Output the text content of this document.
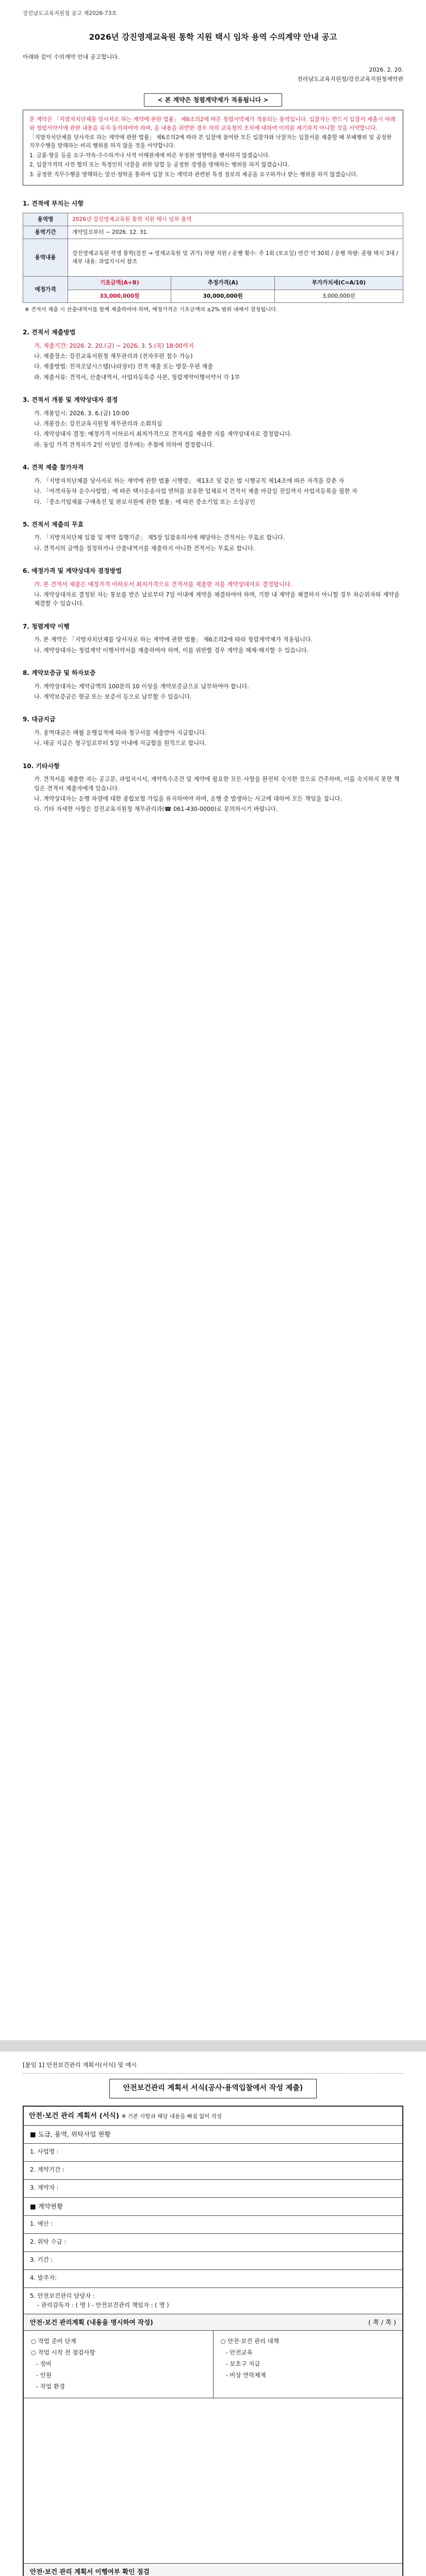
강진남도교육지원청 공고 제2026-73호
2026년 강진영재교육원 통학 지원 택시 임차 용역 수의계약 안내 공고
아래와 같이 수의계약 안내 공고합니다.
2026. 2. 20.
전라남도교육지원청/강진교육지원청계약관
< 본 계약은 청렴계약제가 적용됩니다 >

본 계약은 「지방자치단체를 당사자로 하는 계약에 관한 법률」 제6조의2에 따른 청렴서약제가 적용되는 용역입니다. 입찰자는 반드시 입찰서 제출시 아래와 청렴서약서에 관한 내용을 숙지·동의하여야 하며, 을 내용을 위반한 경우 자의 교육청의 조치에 대하여 이의를 제기하지 아니할 것을 서약합니다.

「지방자치단체를 당사자로 하는 계약에 관한 법률」 제6조의2에 따라 본 입찰에 참여한 모든 입찰자와 낙찰자는 입찰서를 제출할 때 부패행위 및 공정한 직무수행을 방해하는 비리 행위를 하지 않을 것을 서약합니다.

1. 금품·향응 등을 요구·약속·수수하거나 사적 이해관계에 따른 부정한 영향력을 행사하지 않겠습니다.

2. 입찰가격의 사전 협의 또는 특정인의 낙찰을 위한 담합 등 공정한 경쟁을 방해하는 행위를 하지 않겠습니다.

3. 공정한 직무수행을 방해하는 알선·청탁을 통하여 입찰 또는 계약과 관련된 특정 정보의 제공을 요구하거나 받는 행위를 하지 않겠습니다.

1. 견적에 부치는 사항
용역명	2026년 강진영재교육원 통학 지원 택시 임차 용역		
용역기간	계약일로부터 ~ 2026. 12. 31.		
용역내용	강진영재교육원 학생 통학(강진 → 영재교육원 및 귀가) 차량 지원 / 운행 횟수: 주 1회 (토요일) 연간 약 30회 / 운행 차량: 중형 택시 3대 / 세부 내용: 과업지시서 참조		
예정가격	기초금액(A+B)	추정가격(A)	부가가치세(C=A/10)
	33,000,000원	30,000,000원	3,000,000원
※ 견적서 제출 시 산출내역서를 함께 제출하여야 하며, 예정가격은 기초금액의 ±2% 범위 내에서 결정됩니다.
2. 견적서 제출방법
가. 제출기간: 2026. 2. 20.(금) ~ 2026. 3. 5.(목) 18:00까지
나. 제출장소: 강진교육지원청 재무관리과 (전자우편 접수 가능)
다. 제출방법: 전자조달시스템(나라장터) 견적 제출 또는 방문·우편 제출
라. 제출서류: 견적서, 산출내역서, 사업자등록증 사본, 청렴계약이행서약서 각 1부
3. 견적서 개봉 및 계약상대자 결정
가. 개봉일시: 2026. 3. 6.(금) 10:00
나. 개봉장소: 강진교육지원청 재무관리과 소회의실
다. 계약상대자 결정: 예정가격 이하로서 최저가격으로 견적서를 제출한 자를 계약상대자로 결정합니다.
라. 동일 가격 견적자가 2인 이상인 경우에는 추첨에 의하여 결정합니다.
4. 견적 제출 참가자격
가. 「지방자치단체를 당사자로 하는 계약에 관한 법률 시행령」 제13조 및 같은 법 시행규칙 제14조에 따른 자격을 갖춘 자
나. 「여객자동차 운수사업법」에 따른 택시운송사업 면허를 보유한 업체로서 견적서 제출 마감일 전일까지 사업자등록을 필한 자
다. 「중소기업제품 구매촉진 및 판로지원에 관한 법률」에 따른 중소기업 또는 소상공인
5. 견적서 제출의 무효
가. 「지방자치단체 입찰 및 계약 집행기준」 제5장 입찰유의서에 해당하는 견적서는 무효로 합니다.
나. 견적서의 금액을 정정하거나 산출내역서를 제출하지 아니한 견적서는 무효로 합니다.
6. 예정가격 및 계약상대자 결정방법
가. 본 견적서 제출은 예정가격 이하로서 최저가격으로 견적서를 제출한 자를 계약상대자로 결정합니다.
나. 계약상대자로 결정된 자는 통보를 받은 날로부터 7일 이내에 계약을 체결하여야 하며, 기한 내 계약을 체결하지 아니할 경우 차순위자와 계약을 체결할 수 있습니다.
7. 청렴계약 이행
가. 본 계약은 「지방자치단체를 당사자로 하는 계약에 관한 법률」 제6조의2에 따라 청렴계약제가 적용됩니다.
나. 계약상대자는 청렴계약 이행서약서를 제출하여야 하며, 이를 위반할 경우 계약을 해제·해지할 수 있습니다.
8. 계약보증금 및 하자보증
가. 계약상대자는 계약금액의 100분의 10 이상을 계약보증금으로 납부하여야 합니다.
나. 계약보증금은 현금 또는 보증서 등으로 납부할 수 있습니다.
9. 대금지급
가. 용역대금은 매월 운행실적에 따라 청구서를 제출받아 지급합니다.
나. 대금 지급은 청구일로부터 5일 이내에 지급함을 원칙으로 합니다.
10. 기타사항
가. 견적서를 제출한 자는 공고문, 과업지시서, 계약특수조건 및 계약에 필요한 모든 사항을 완전히 숙지한 것으로 간주하며, 이를 숙지하지 못한 책임은 견적서 제출자에게 있습니다.
나. 계약상대자는 운행 차량에 대한 종합보험 가입을 유지하여야 하며, 운행 중 발생하는 사고에 대하여 모든 책임을 집니다.
다. 기타 자세한 사항은 강진교육지원청 재무관리과(☎ 061-430-0000)로 문의하시기 바랍니다.
[붙임 1] 안전보건관리 계획서(서식) 및 예시
안전보건관리 계획서 서식(공사·용역입찰에서 작성 제출)
안전·보건 관리 계획서 (서식) ※ 기본 사항과 해당 내용을 빠짐 없이 작성
■ 도급, 용역, 위탁사업 현황
1. 사업명 :
2. 계약기간 :
3. 계약자 :
■ 계약현황
1. 예산 :
2. 위탁 수급 :
3. 기간 :
4. 발주자:
5. 안전보건관리 담당자 :
- 관리감독자 : ( 명 ) - 안전보건관리 책임자 : ( 명 )
안전·보건 관리계획 (내용을 명시하여 작성)	( 쪽 / 쪽 )
○ 작업 준비 단계
○ 작업 시작 전 점검사항
- 장비
- 인원
- 작업 환경
○ 안전·보건 관리 대책
- 안전교육
- 보호구 지급
- 비상 연락체계
안전·보건 관리 계획서 이행여부 확인 점검
